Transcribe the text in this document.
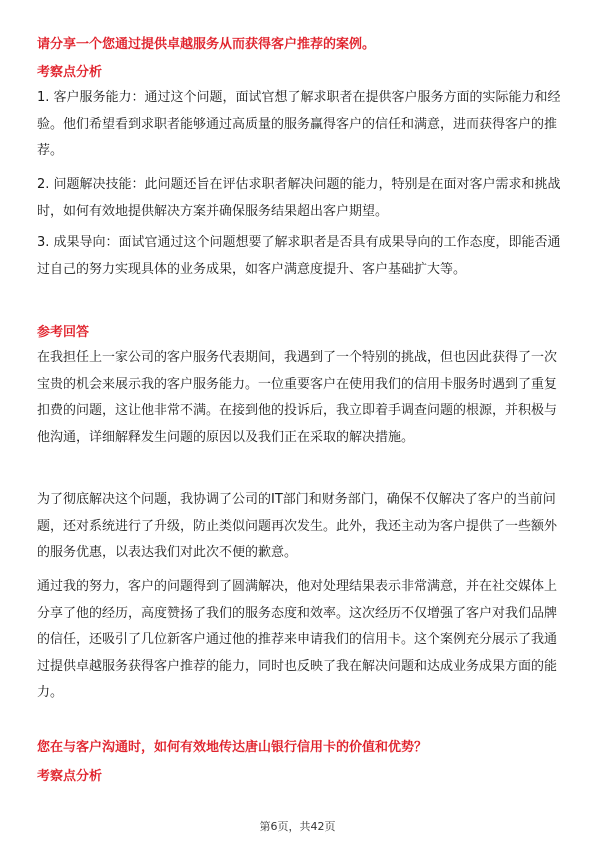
请分享一个您通过提供卓越服务从而获得客户推荐的案例。
考察点分析

1. 客户服务能力：通过这个问题，面试官想了解求职者在提供客户服务方面的实际能力和经验。他们希望看到求职者能够通过高质量的服务赢得客户的信任和满意，进而获得客户的推荐。

2. 问题解决技能：此问题还旨在评估求职者解决问题的能力，特别是在面对客户需求和挑战时，如何有效地提供解决方案并确保服务结果超出客户期望。

3. 成果导向：面试官通过这个问题想要了解求职者是否具有成果导向的工作态度，即能否通过自己的努力实现具体的业务成果，如客户满意度提升、客户基础扩大等。

参考回答

在我担任上一家公司的客户服务代表期间，我遇到了一个特别的挑战，但也因此获得了一次宝贵的机会来展示我的客户服务能力。一位重要客户在使用我们的信用卡服务时遇到了重复扣费的问题，这让他非常不满。在接到他的投诉后，我立即着手调查问题的根源，并积极与他沟通，详细解释发生问题的原因以及我们正在采取的解决措施。

为了彻底解决这个问题，我协调了公司的IT部门和财务部门，确保不仅解决了客户的当前问题，还对系统进行了升级，防止类似问题再次发生。此外，我还主动为客户提供了一些额外的服务优惠，以表达我们对此次不便的歉意。

通过我的努力，客户的问题得到了圆满解决，他对处理结果表示非常满意，并在社交媒体上分享了他的经历，高度赞扬了我们的服务态度和效率。这次经历不仅增强了客户对我们品牌的信任，还吸引了几位新客户通过他的推荐来申请我们的信用卡。这个案例充分展示了我通过提供卓越服务获得客户推荐的能力，同时也反映了我在解决问题和达成业务成果方面的能力。

您在与客户沟通时，如何有效地传达唐山银行信用卡的价值和优势？
考察点分析
第6页，共42页
